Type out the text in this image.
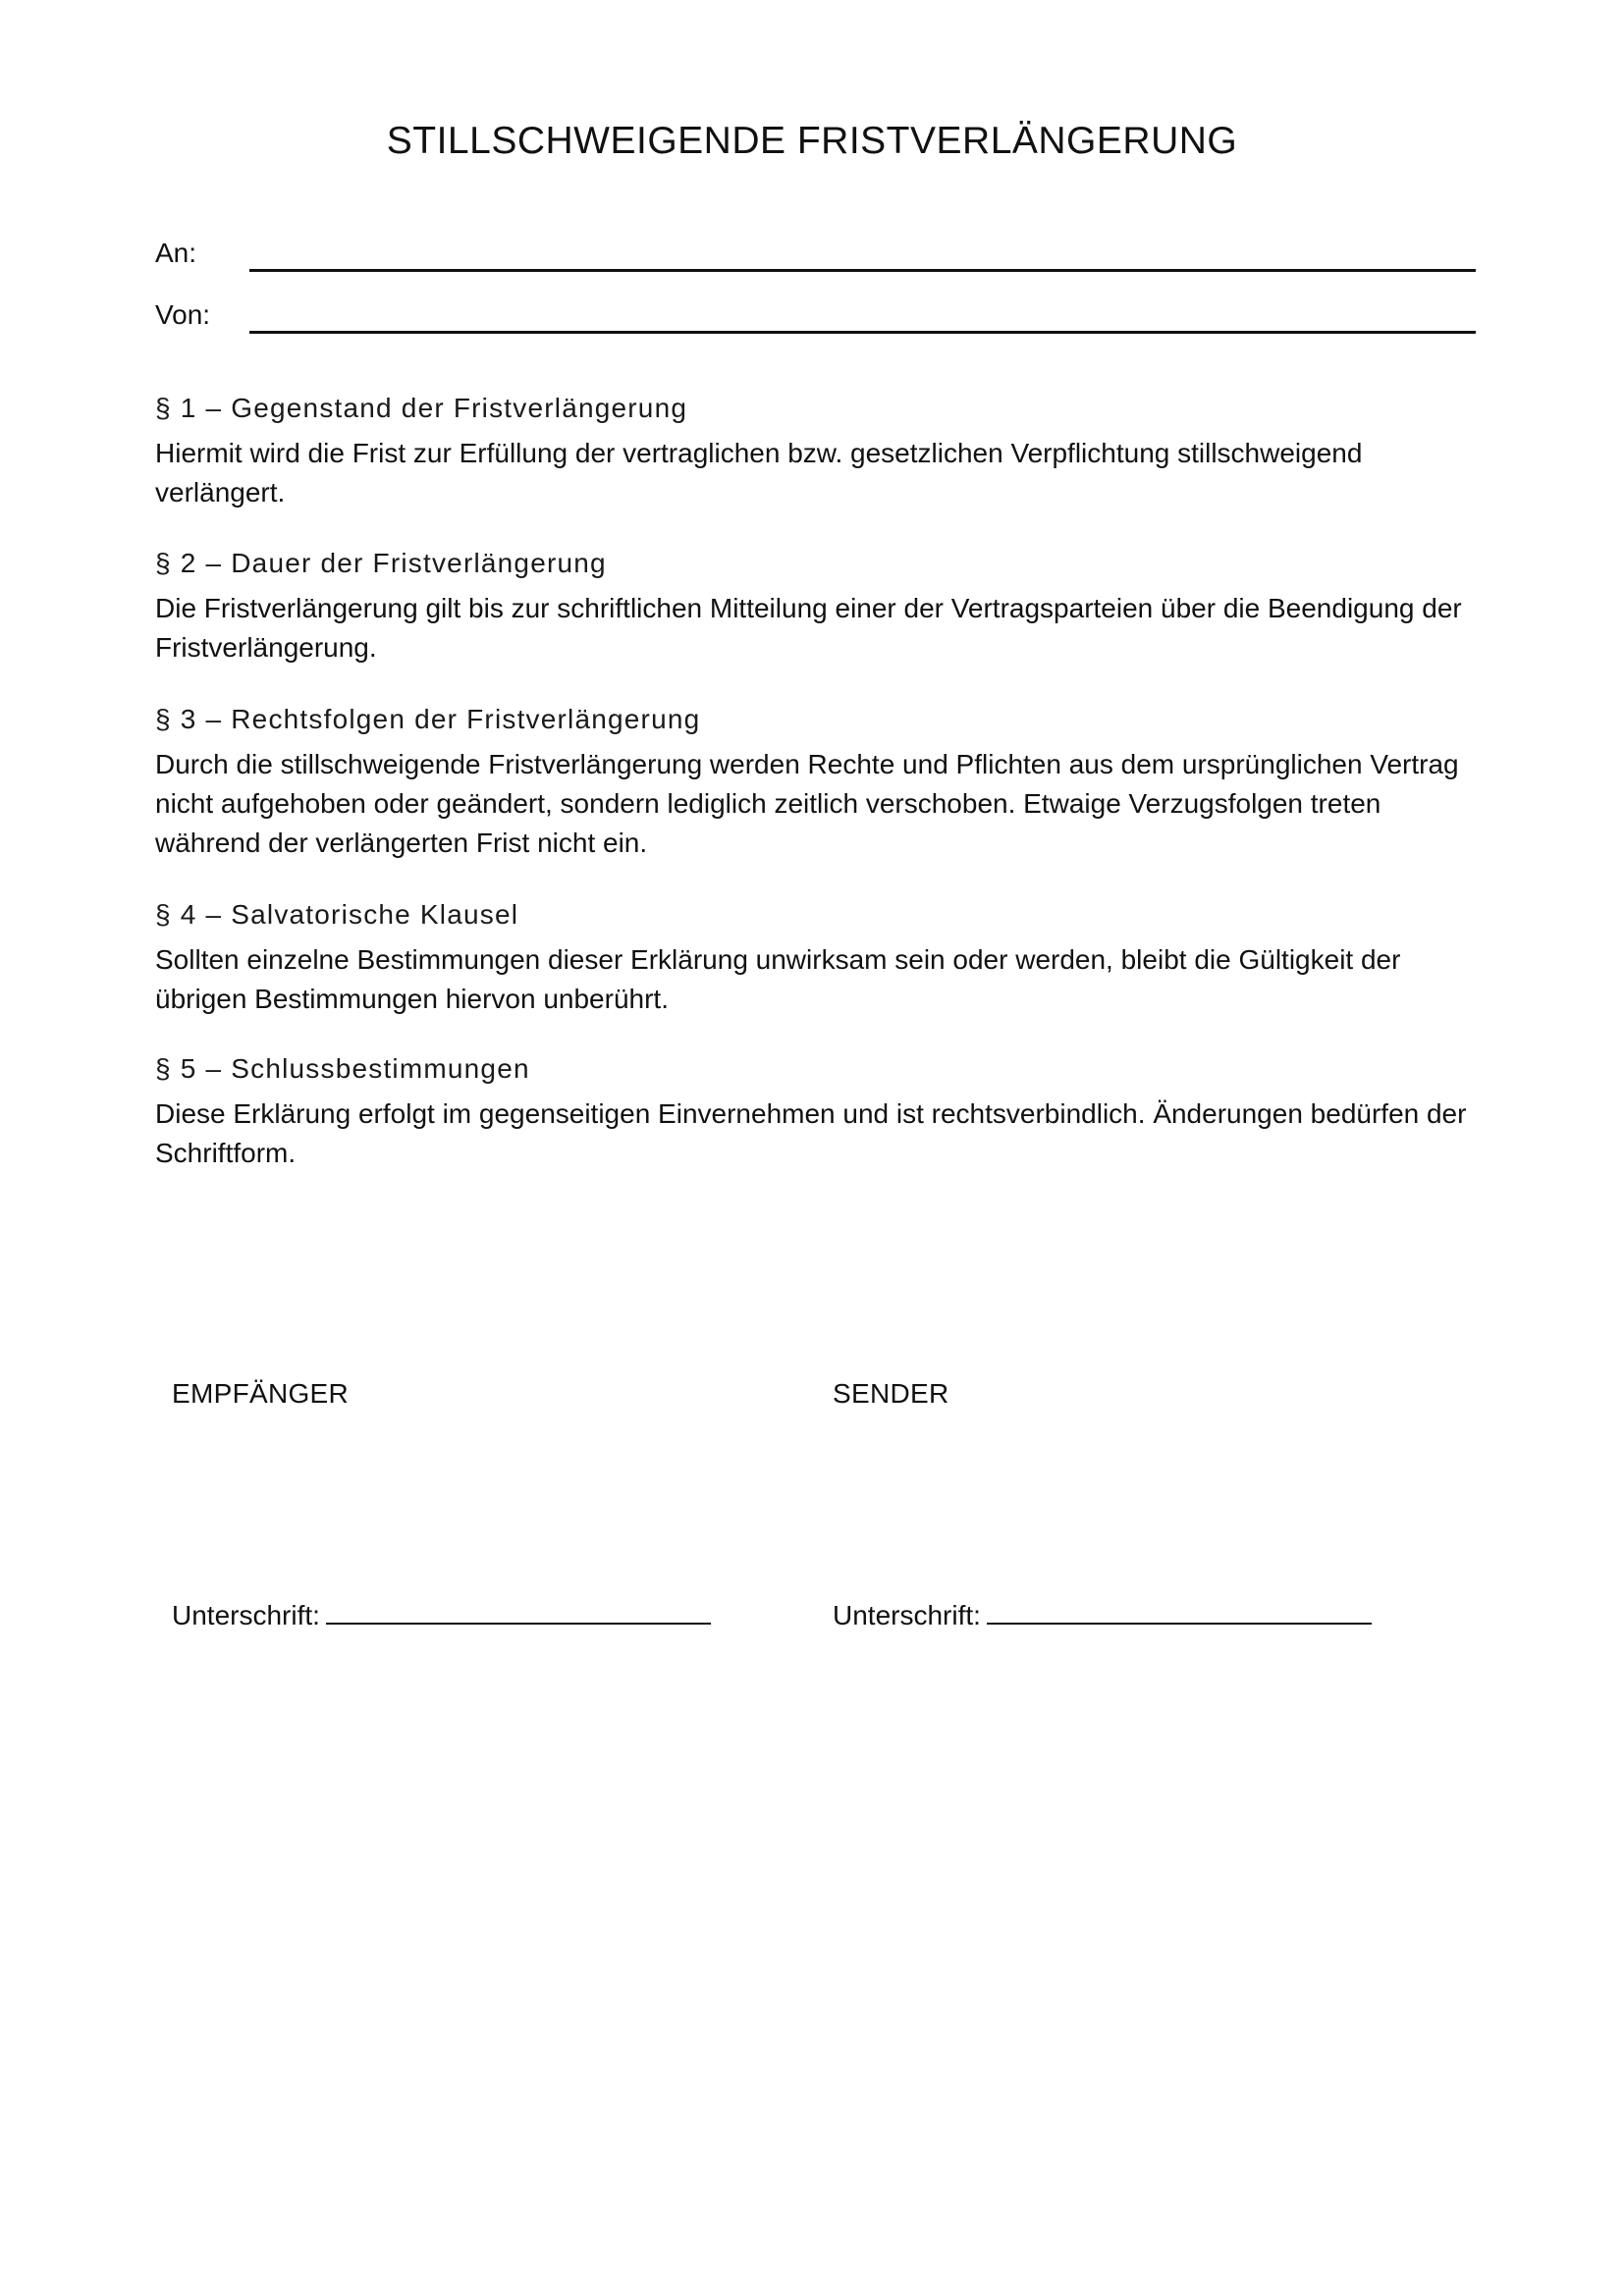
STILLSCHWEIGENDE FRISTVERLÄNGERUNG
An:
Von:
§ 1 – Gegenstand der Fristverlängerung

Hiermit wird die Frist zur Erfüllung der vertraglichen bzw. gesetzlichen Verpflichtung stillschweigend verlängert.

§ 2 – Dauer der Fristverlängerung

Die Fristverlängerung gilt bis zur schriftlichen Mitteilung einer der Vertragsparteien über die Beendigung der Fristverlängerung.

§ 3 – Rechtsfolgen der Fristverlängerung

Durch die stillschweigende Fristverlängerung werden Rechte und Pflichten aus dem ursprünglichen Vertrag nicht aufgehoben oder geändert, sondern lediglich zeitlich verschoben. Etwaige Verzugsfolgen treten während der verlängerten Frist nicht ein.

§ 4 – Salvatorische Klausel

Sollten einzelne Bestimmungen dieser Erklärung unwirksam sein oder werden, bleibt die Gültigkeit der übrigen Bestimmungen hiervon unberührt.

§ 5 – Schlussbestimmungen

Diese Erklärung erfolgt im gegenseitigen Einvernehmen und ist rechtsverbindlich. Änderungen bedürfen der Schriftform.

EMPFÄNGER
Unterschrift:
SENDER
Unterschrift:
